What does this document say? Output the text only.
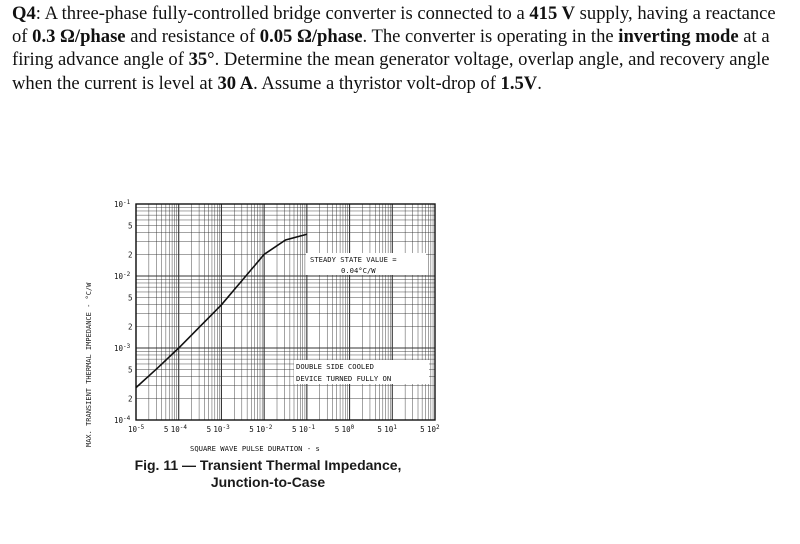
Q4: A three-phase fully-controlled bridge converter is connected to a 415 V supply, having a reactance of 0.3 Ω/phase and resistance of 0.05 Ω/phase. The converter is operating in the inverting mode at a firing advance angle of 35°. Determine the mean generator voltage, overlap angle, and recovery angle when the current is level at 30 A. Assume a thyristor volt-drop of 1.5V.
MAX. TRANSIENT THERMAL IMPEDANCE - °C/W
$10^{-1}$
5
2
$10^{-2}$
5
2
$10^{-3}$
5
2
$10^{-4}$
$10^{-5}$	5 $10^{-4}$	5 $10^{-3}$	5 $10^{-2}$	5 $10^{-1}$	5 $10^0$	5 $10^1$	5 $10^2$
STEADY STATE VALUE =
0.04°C/W
DOUBLE SIDE COOLED
DEVICE TURNED FULLY ON
SQUARE WAVE PULSE DURATION - s
Fig. 11 — Transient Thermal Impedance,
Junction-to-Case
